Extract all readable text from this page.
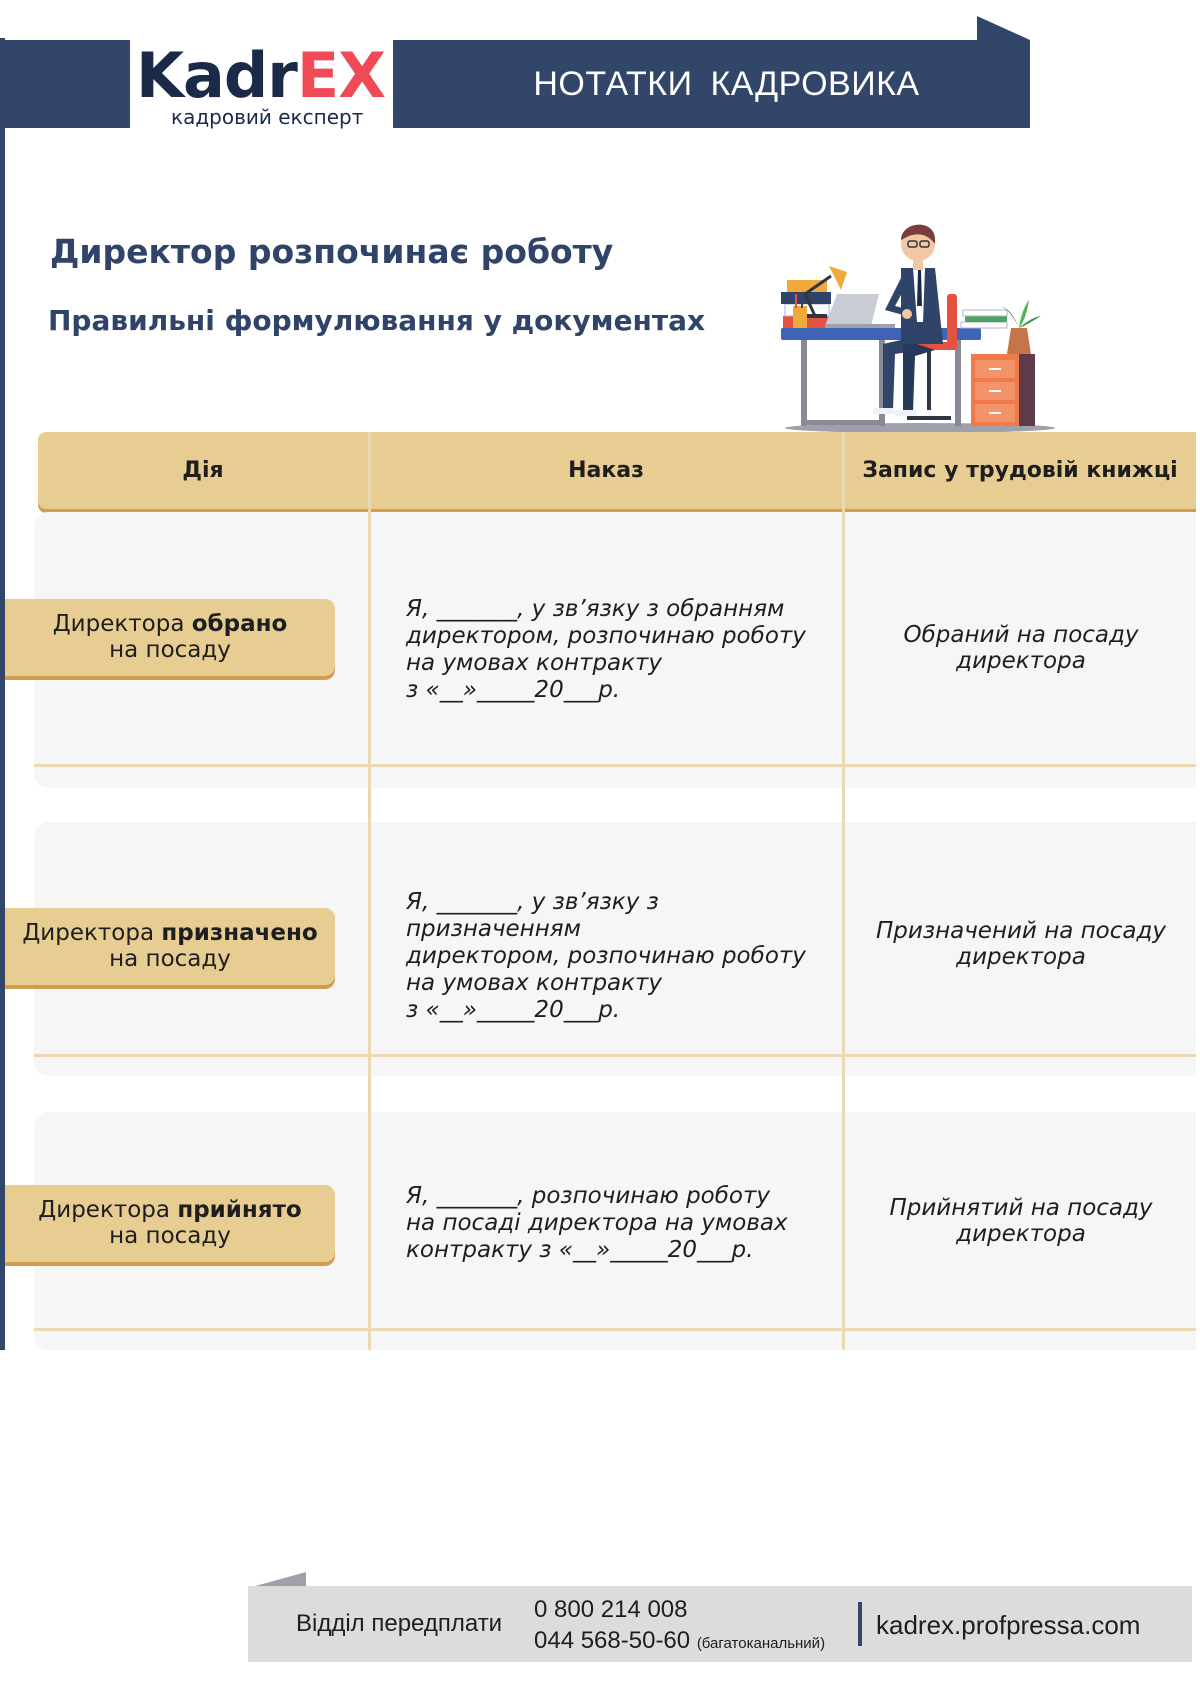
KadrEX
кадровий експерт
НОТАТКИ КАДРОВИКА
Директор розпочинає роботу
Правильні формулювання у документах
Дія	Наказ	Запис у трудовій книжці
Директора обрано
на посаду
Я, _______, у зв’язку з обранням
директором, розпочинаю роботу
на умовах контракту
з «__»_____20___р.
Обраний на посаду
директора
Директора призначено
на посаду
Я, _______, у зв’язку з призначенням
директором, розпочинаю роботу
на умовах контракту
з «__»_____20___р.
Призначений на посаду
директора
Директора прийнято
на посаду
Я, _______, розпочинаю роботу
на посаді директора на умовах
контракту з «__»_____20___р.
Прийнятий на посаду
директора
Відділ передплати
0 800 214 008
044 568-50-60 (багатоканальний)
kadrex.profpressa.com
